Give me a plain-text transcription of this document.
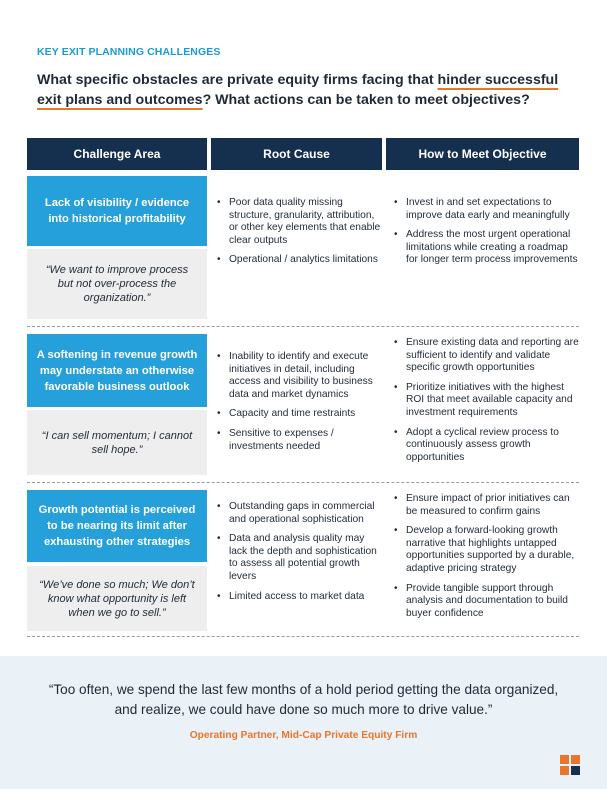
KEY EXIT PLANNING CHALLENGES
What specific obstacles are private equity firms facing that hinder successful exit plans and outcomes? What actions can be taken to meet objectives?
Challenge Area	Root Cause	How to Meet Objective
Lack of visibility / evidence into historical profitability
“We want to improve process but not over-process the organization.”
• Poor data quality missing structure, granularity, attribution, or other key elements that enable clear outputs
• Operational / analytics limitations
• Invest in and set expectations to improve data early and meaningfully
• Address the most urgent operational limitations while creating a roadmap for longer term process improvements
A softening in revenue growth may understate an otherwise favorable business outlook
“I can sell momentum; I cannot sell hope.”
• Inability to identify and execute initiatives in detail, including access and visibility to business data and market dynamics
• Capacity and time restraints
• Sensitive to expenses / investments needed
• Ensure existing data and reporting are sufficient to identify and validate specific growth opportunities
• Prioritize initiatives with the highest ROI that meet available capacity and investment requirements
• Adopt a cyclical review process to continuously assess growth opportunities
Growth potential is perceived to be nearing its limit after exhausting other strategies
“We’ve done so much; We don’t know what opportunity is left when we go to sell.”
• Outstanding gaps in commercial and operational sophistication
• Data and analysis quality may lack the depth and sophistication to assess all potential growth levers
• Limited access to market data
• Ensure impact of prior initiatives can be measured to confirm gains
• Develop a forward-looking growth narrative that highlights untapped opportunities supported by a durable, adaptive pricing strategy
• Provide tangible support through analysis and documentation to build buyer confidence
“Too often, we spend the last few months of a hold period getting the data organized, and realize, we could have done so much more to drive value.”
Operating Partner, Mid-Cap Private Equity Firm
